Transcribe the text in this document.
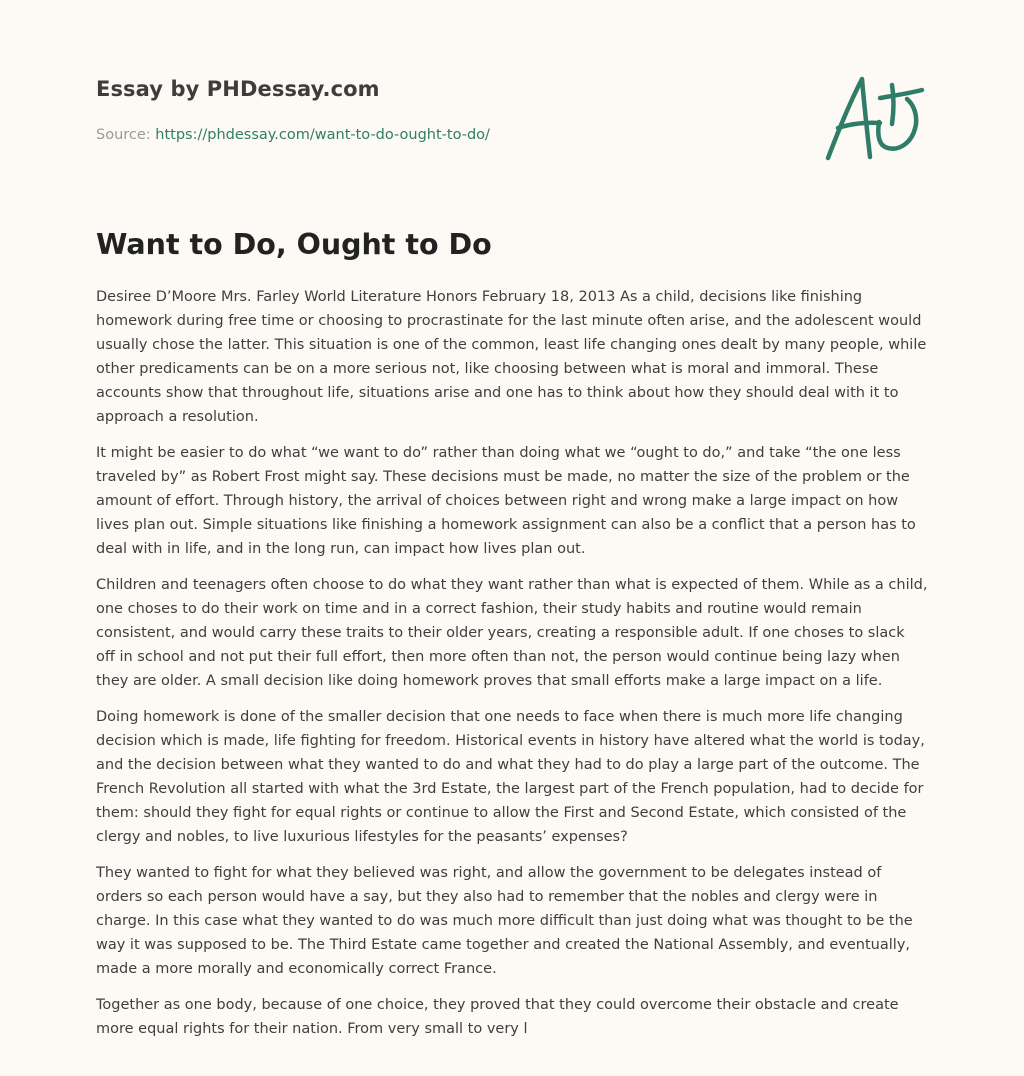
Essay by PHDessay.com
Source: https://phdessay.com/want-to-do-ought-to-do/
Want to Do, Ought to Do

Desiree D’Moore Mrs. Farley World Literature Honors February 18, 2013 As a child, decisions like finishing homework during free time or choosing to procrastinate for the last minute often arise, and the adolescent would usually chose the latter. This situation is one of the common, least life changing ones dealt by many people, while other predicaments can be on a more serious not, like choosing between what is moral and immoral. These accounts show that throughout life, situations arise and one has to think about how they should deal with it to approach a resolution.

It might be easier to do what “we want to do” rather than doing what we “ought to do,” and take “the one less traveled by” as Robert Frost might say. These decisions must be made, no matter the size of the problem or the amount of effort. Through history, the arrival of choices between right and wrong make a large impact on how lives plan out. Simple situations like finishing a homework assignment can also be a conflict that a person has to deal with in life, and in the long run, can impact how lives plan out.

Children and teenagers often choose to do what they want rather than what is expected of them. While as a child, one choses to do their work on time and in a correct fashion, their study habits and routine would remain consistent, and would carry these traits to their older years, creating a responsible adult. If one choses to slack off in school and not put their full effort, then more often than not, the person would continue being lazy when they are older. A small decision like doing homework proves that small efforts make a large impact on a life.

Doing homework is done of the smaller decision that one needs to face when there is much more life changing decision which is made, life fighting for freedom. Historical events in history have altered what the world is today, and the decision between what they wanted to do and what they had to do play a large part of the outcome. The French Revolution all started with what the 3rd Estate, the largest part of the French population, had to decide for them: should they fight for equal rights or continue to allow the First and Second Estate, which consisted of the clergy and nobles, to live luxurious lifestyles for the peasants’ expenses?

They wanted to fight for what they believed was right, and allow the government to be delegates instead of orders so each person would have a say, but they also had to remember that the nobles and clergy were in charge. In this case what they wanted to do was much more difficult than just doing what was thought to be the way it was supposed to be. The Third Estate came together and created the National Assembly, and eventually, made a more morally and economically correct France.

Together as one body, because of one choice, they proved that they could overcome their obstacle and create more equal rights for their nation. From very small to very l
